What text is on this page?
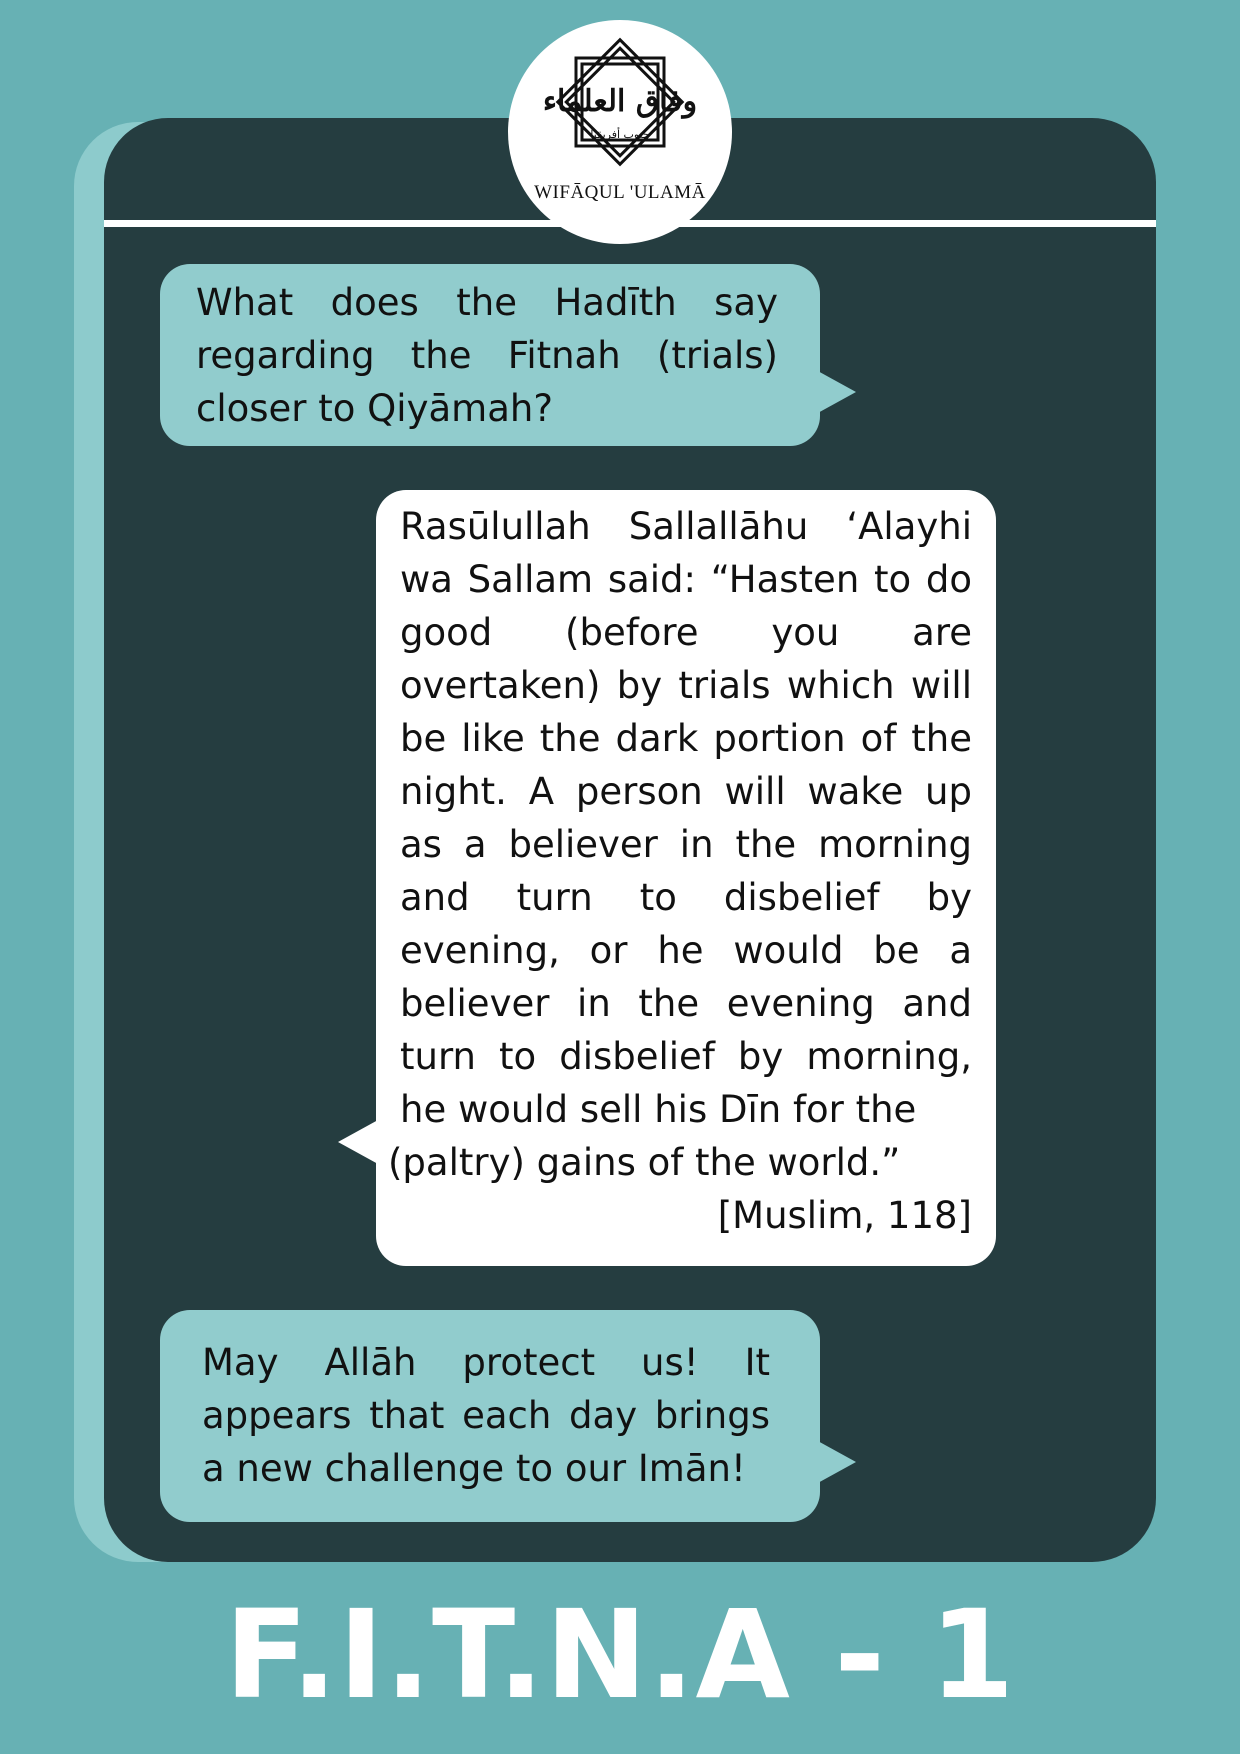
وفاق العلماء
جنوب أفريقيا
WIFĀQUL 'ULAMĀ

What does the Hadīth say regarding the Fitnah (trials) closer to Qiyāmah?

Rasūlullah Sallallāhu ‘Alayhi wa Sallam said: “Hasten to do good (before you are overtaken) by trials which will be like the dark portion of the night. A person will wake up as a believer in the morning and turn to disbelief by evening, or he would be a believer in the evening and turn to disbelief by morning, he would sell his Dīn for the

(paltry) gains of the world.”

[Muslim, 118]

May Allāh protect us! It appears that each day brings a new challenge to our Imān!

F.I.T.N.A - 1
